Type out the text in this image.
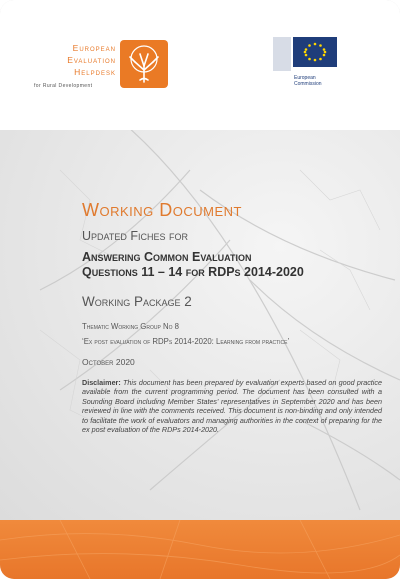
European
Evaluation
Helpdesk
for Rural Development
European
Commission
Working Document
Updated Fiches for
Answering Common Evaluation
Questions 11 – 14 for RDPs 2014-2020
Working Package 2
Thematic Working Group No 8
‘Ex post evaluation of RDPs 2014-2020: Learning from practice’
October 2020
Disclaimer: This document has been prepared by evaluation experts based on good practice available from the current programming period. The document has been consulted with a Sounding Board including Member States' representatives in September 2020 and has been reviewed in line with the comments received. This document is non-binding and only intended to facilitate the work of evaluators and managing authorities in the context of preparing for the ex post evaluation of the RDPs 2014-2020.
